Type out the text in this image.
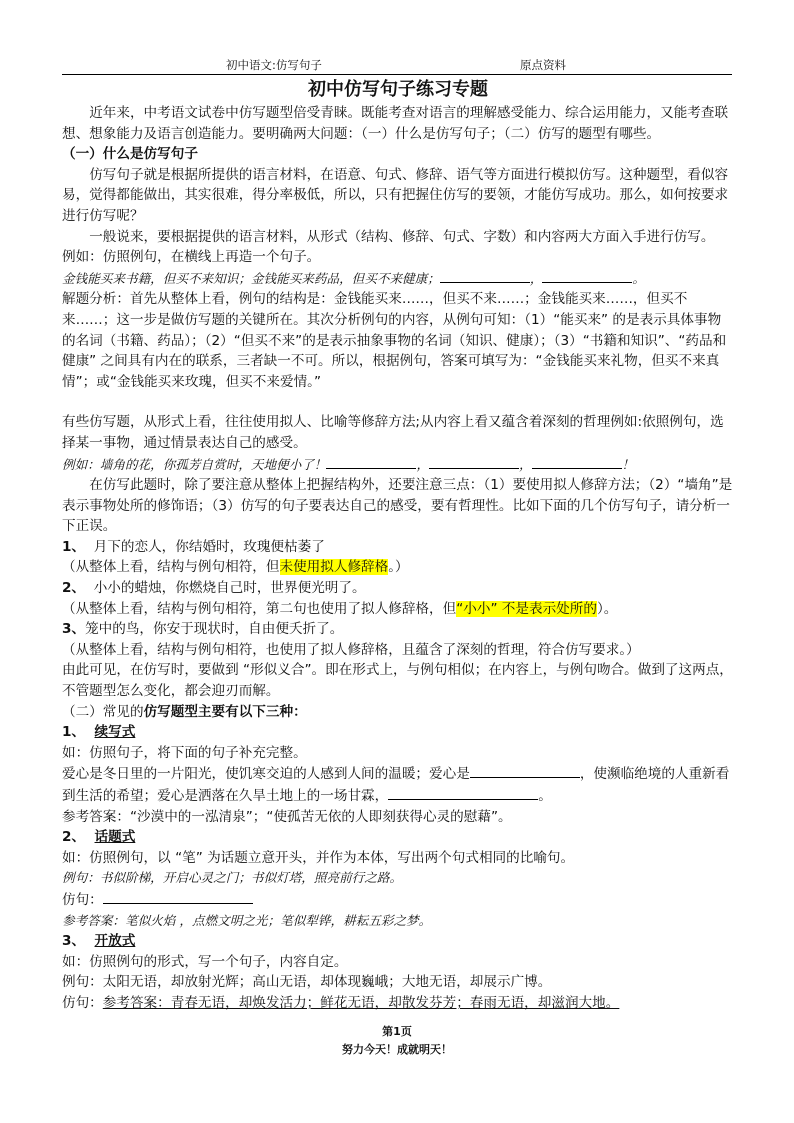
初中语文:仿写句子	原点资料

初中仿写句子练习专题

近年来，中考语文试卷中仿写题型倍受青睐。既能考查对语言的理解感受能力、综合运用能力，又能考查联想、想象能力及语言创造能力。要明确两大问题：（一）什么是仿写句子；（二）仿写的题型有哪些。

（一）什么是仿写句子

仿写句子就是根据所提供的语言材料，在语意、句式、修辞、语气等方面进行模拟仿写。这种题型，看似容易，觉得都能做出，其实很难，得分率极低，所以，只有把握住仿写的要领，才能仿写成功。那么，如何按要求进行仿写呢？

一般说来，要根据提供的语言材料，从形式（结构、修辞、句式、字数）和内容两大方面入手进行仿写。

例如：仿照例句，在横线上再造一个句子。

金钱能买来书籍，但买不来知识；金钱能买来药品，但买不来健康；	，	。

解题分析：首先从整体上看，例句的结构是：金钱能买来……，但买不来……；金钱能买来……，但买不来……；这一步是做仿写题的关键所在。其次分析例句的内容，从例句可知：（1）“能买来” 的是表示具体事物的名词（书籍、药品）；（2）“但买不来”的是表示抽象事物的名词（知识、健康）；（3）“书籍和知识”、“药品和健康” 之间具有内在的联系，三者缺一不可。所以，根据例句，答案可填写为：“金钱能买来礼物，但买不来真情”；或“金钱能买来玫瑰，但买不来爱情。”

有些仿写题，从形式上看，往往使用拟人、比喻等修辞方法;从内容上看又蕴含着深刻的哲理例如:依照例句，选择某一事物，通过情景表达自己的感受。

例如：墙角的花，你孤芳自赏时，天地便小了！	，	，	！

在仿写此题时，除了要注意从整体上把握结构外，还要注意三点：（1）要使用拟人修辞方法；（2）“墙角”是表示事物处所的修饰语；（3）仿写的句子要表达自己的感受，要有哲理性。比如下面的几个仿写句子，请分析一下正误。

1、 月下的恋人，你结婚时，玫瑰便枯萎了

（从整体上看，结构与例句相符，但未使用拟人修辞格。）

2、 小小的蜡烛，你燃烧自己时，世界便光明了。

（从整体上看，结构与例句相符，第二句也使用了拟人修辞格，但“小小” 不是表示处所的）。

3、笼中的鸟，你安于现状时，自由便夭折了。

（从整体上看，结构与例句相符，也使用了拟人修辞格，且蕴含了深刻的哲理，符合仿写要求。）

由此可见，在仿写时，要做到 “形似义合”。即在形式上，与例句相似；在内容上，与例句吻合。做到了这两点，不管题型怎么变化，都会迎刃而解。

（二）常见的仿写题型主要有以下三种：

1、 续写式

如：仿照句子，将下面的句子补充完整。

爱心是冬日里的一片阳光，使饥寒交迫的人感到人间的温暖；爱心是	，使濒临绝境的人重新看到生活的希望；爱心是洒落在久旱土地上的一场甘霖，	。

参考答案：“沙漠中的一泓清泉”；“使孤苦无依的人即刻获得心灵的慰藉”。

2、 话题式

如：仿照例句，以 “笔” 为话题立意开头，并作为本体，写出两个句式相同的比喻句。

例句：书似阶梯，开启心灵之门；书似灯塔，照亮前行之路。

仿句：

参考答案：笔似火焰 ，点燃文明之光；笔似犁铧，耕耘五彩之梦。

3、 开放式

如：仿照例句的形式，写一个句子，内容自定。

例句：太阳无语，却放射光辉；高山无语，却体现巍峨；大地无语，却展示广博。

仿句：参考答案：青春无语，却焕发活力；鲜花无语，却散发芬芳；春雨无语，却滋润大地。

第1页
努力今天！成就明天！
